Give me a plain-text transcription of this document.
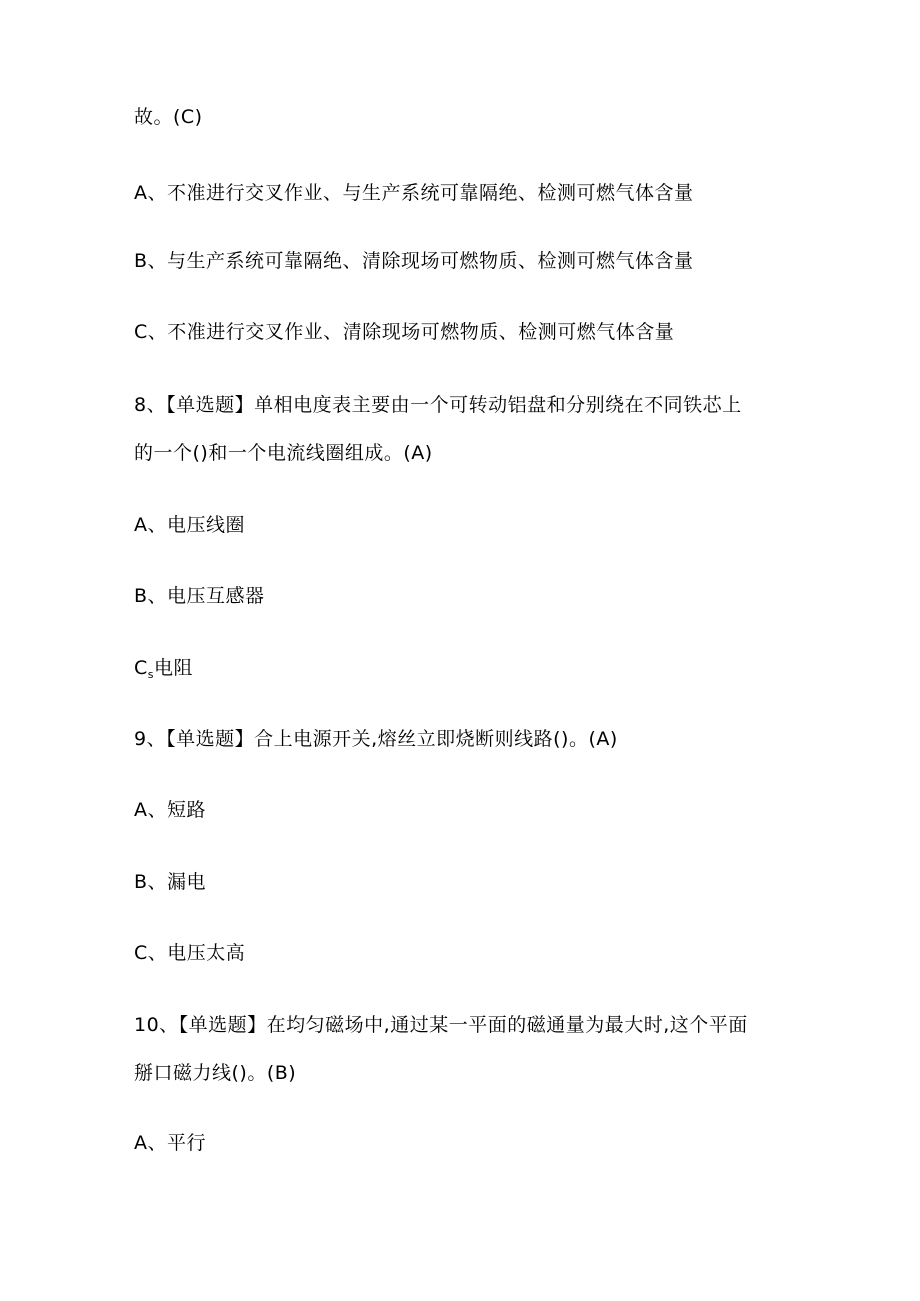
故。(C)
A、不准进行交叉作业、与生产系统可靠隔绝、检测可燃气体含量
B、与生产系统可靠隔绝、清除现场可燃物质、检测可燃气体含量
C、不准进行交叉作业、清除现场可燃物质、检测可燃气体含量
8、【单选题】单相电度表主要由一个可转动铝盘和分别绕在不同铁芯上
的一个()和一个电流线圈组成。(A)
A、电压线圈
B、电压互感器
$C_s$电阻
9、【单选题】合上电源开关,熔丝立即烧断则线路()。(A)
A、短路
B、漏电
C、电压太高
10、【单选题】在均匀磁场中,通过某一平面的磁通量为最大时,这个平面
掰口磁力线()。(B)
A、平行
